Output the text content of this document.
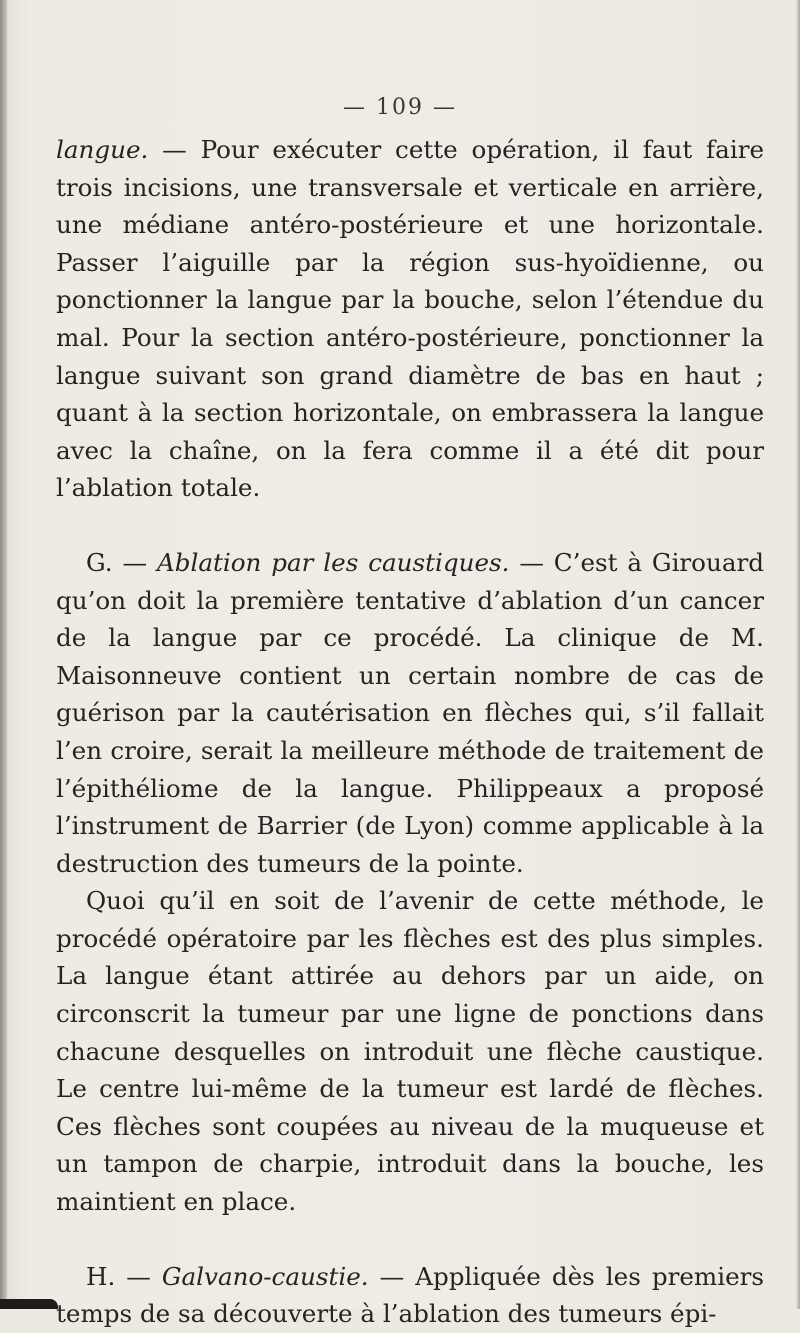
— 109 —

langue. — Pour exécuter cette opération, il faut faire trois incisions, une transversale et verticale en arrière, une médiane antéro-postérieure et une horizontale. Passer l’aiguille par la région sus-hyoïdienne, ou ponctionner la langue par la bouche, selon l’étendue du mal. Pour la section antéro-postérieure, ponctionner la langue suivant son grand diamètre de bas en haut ; quant à la section horizontale, on embrassera la langue avec la chaîne, on la fera comme il a été dit pour l’ablation totale.

G. — Ablation par les caustiques. — C’est à Girouard qu’on doit la première tentative d’ablation d’un cancer de la langue par ce procédé. La clinique de M. Maisonneuve contient un certain nombre de cas de guérison par la cautérisation en flèches qui, s’il fallait l’en croire, serait la meilleure méthode de traitement de l’épithéliome de la langue. Philippeaux a proposé l’instrument de Barrier (de Lyon) comme applicable à la destruction des tumeurs de la pointe.

Quoi qu’il en soit de l’avenir de cette méthode, le procédé opératoire par les flèches est des plus simples. La langue étant attirée au dehors par un aide, on circonscrit la tumeur par une ligne de ponctions dans chacune desquelles on introduit une flèche caustique. Le centre lui-même de la tumeur est lardé de flèches. Ces flèches sont coupées au niveau de la muqueuse et un tampon de charpie, introduit dans la bouche, les maintient en place.

H. — Galvano-caustie. — Appliquée dès les premiers temps de sa découverte à l’ablation des tumeurs épi-
